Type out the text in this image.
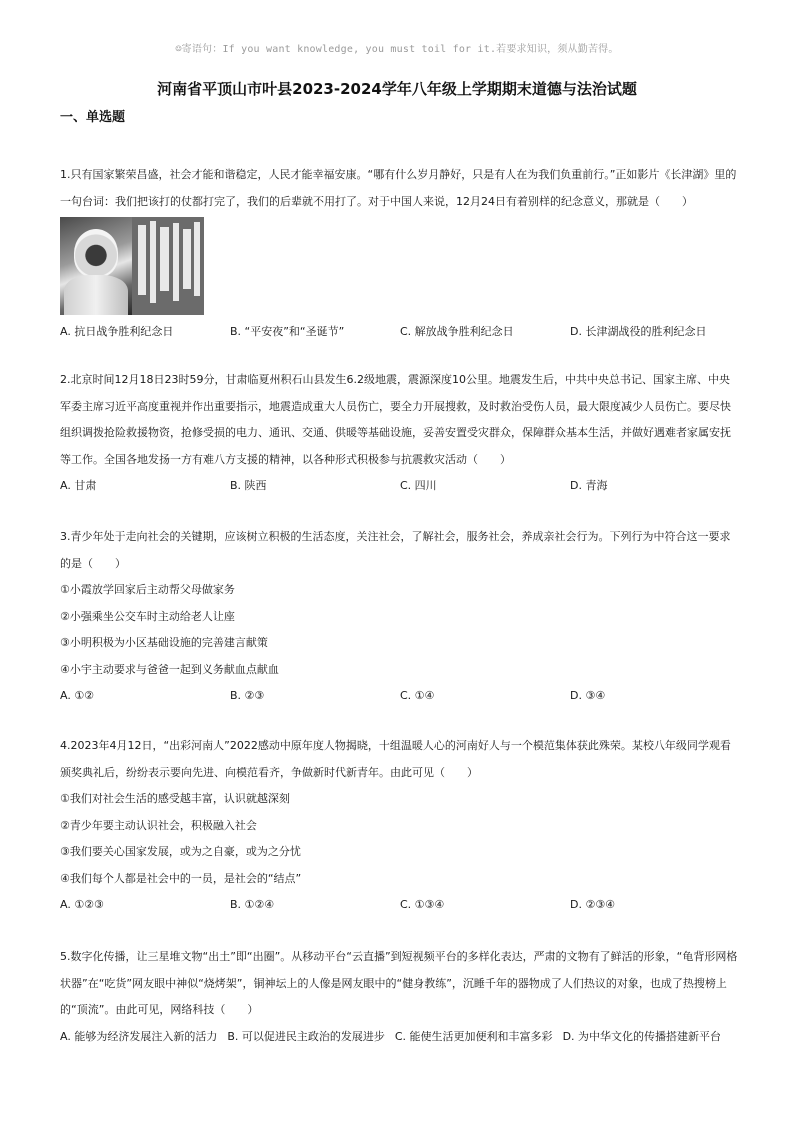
☺寄语句：If you want knowledge, you must toil for it.若要求知识，须从勤苦得。
河南省平顶山市叶县2023-2024学年八年级上学期期末道德与法治试题
一、单选题

1.只有国家繁荣昌盛，社会才能和谐稳定，人民才能幸福安康。“哪有什么岁月静好，只是有人在为我们负重前行。”正如影片《长津湖》里的一句台词：我们把该打的仗都打完了，我们的后辈就不用打了。对于中国人来说，12月24日有着别样的纪念意义，那就是（　　）

A. 抗日战争胜利纪念日	B. “平安夜”和“圣诞节”	C. 解放战争胜利纪念日	D. 长津湖战役的胜利纪念日

2.北京时间12月18日23时59分，甘肃临夏州积石山县发生6.2级地震，震源深度10公里。地震发生后，中共中央总书记、国家主席、中央军委主席习近平高度重视并作出重要指示，地震造成重大人员伤亡，要全力开展搜救，及时救治受伤人员，最大限度减少人员伤亡。要尽快组织调拨抢险救援物资，抢修受损的电力、通讯、交通、供暖等基础设施，妥善安置受灾群众，保障群众基本生活，并做好遇难者家属安抚等工作。全国各地发扬一方有难八方支援的精神，以各种形式积极参与抗震救灾活动（　　）

A. 甘肃	B. 陕西	C. 四川	D. 青海

3.青少年处于走向社会的关键期，应该树立积极的生活态度，关注社会，了解社会，服务社会，养成亲社会行为。下列行为中符合这一要求的是（　　）

①小霞放学回家后主动帮父母做家务
②小强乘坐公交车时主动给老人让座
③小明积极为小区基础设施的完善建言献策
④小宇主动要求与爸爸一起到义务献血点献血
A. ①②	B. ②③	C. ①④	D. ③④

4.2023年4月12日，“出彩河南人”2022感动中原年度人物揭晓，十组温暖人心的河南好人与一个模范集体获此殊荣。某校八年级同学观看颁奖典礼后，纷纷表示要向先进、向模范看齐，争做新时代新青年。由此可见（　　）

①我们对社会生活的感受越丰富，认识就越深刻
②青少年要主动认识社会，积极融入社会
③我们要关心国家发展，或为之自豪，或为之分忧
④我们每个人都是社会中的一员，是社会的“结点”
A. ①②③	B. ①②④	C. ①③④	D. ②③④

5.数字化传播，让三星堆文物“出土”即“出圈”。从移动平台“云直播”到短视频平台的多样化表达，严肃的文物有了鲜活的形象，“龟背形网格状器”在“吃货”网友眼中神似“烧烤架”，铜神坛上的人像是网友眼中的“健身教练”，沉睡千年的器物成了人们热议的对象，也成了热搜榜上的“顶流”。由此可见，网络科技（　　）

A. 能够为经济发展注入新的活力 B. 可以促进民主政治的发展进步 C. 能使生活更加便利和丰富多彩 D. 为中华文化的传播搭建新平台
